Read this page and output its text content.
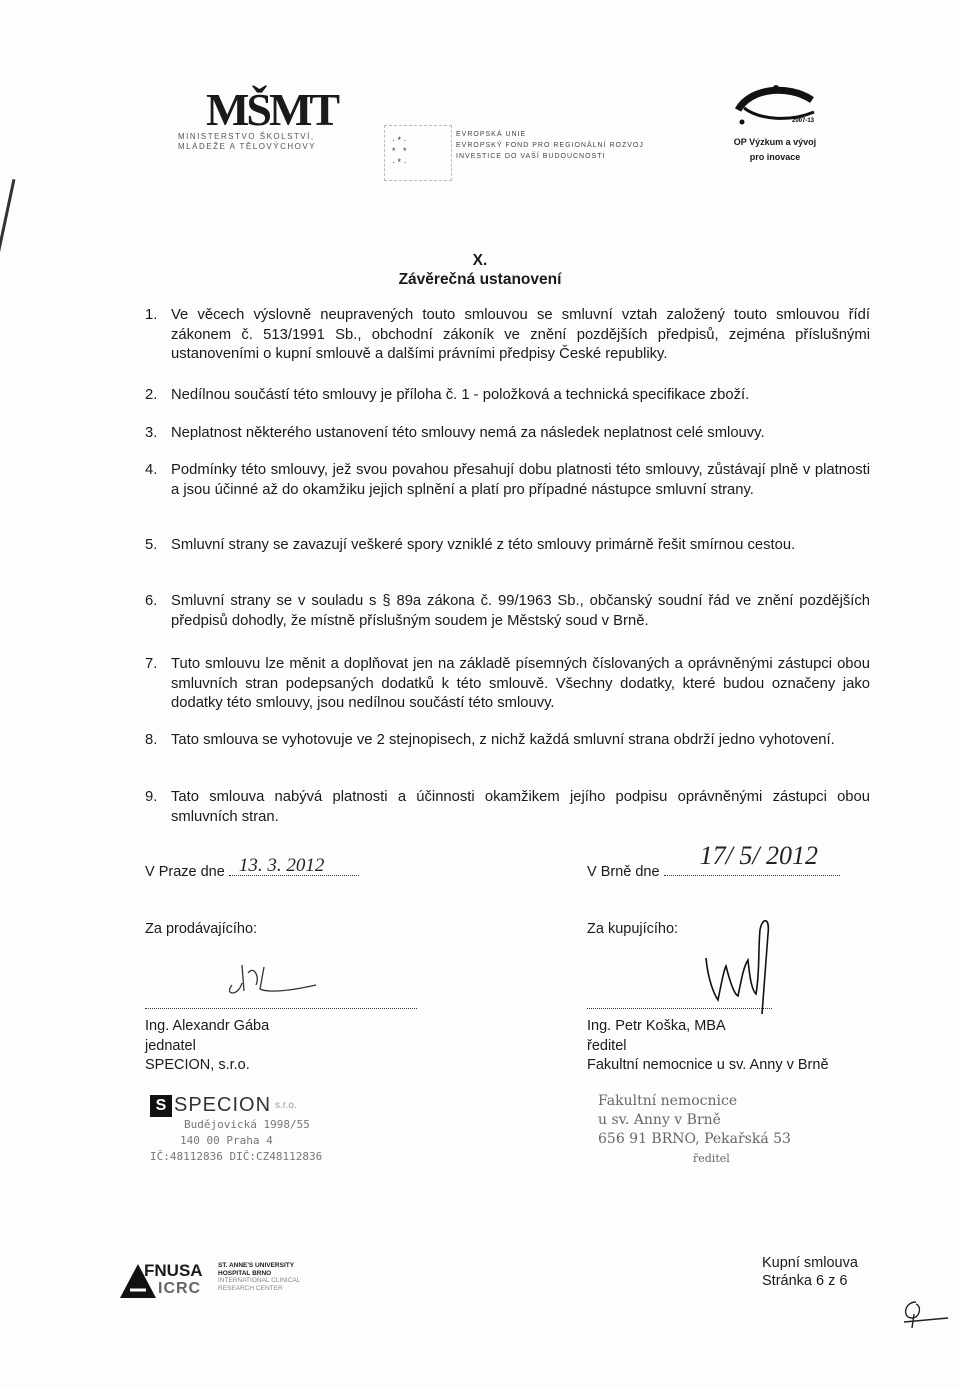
MŠMT
MINISTERSTVO ŠKOLSTVÍ,
MLÁDEŽE A TĚLOVÝCHOVY
· * ·
*   *
· * ·
EVROPSKÁ UNIE
EVROPSKÝ FOND PRO REGIONÁLNÍ ROZVOJ
INVESTICE DO VAŠÍ BUDOUCNOSTI
2007-13
OP Výzkum a vývoj
pro inovace
X.
Závěrečná ustanovení
1. Ve věcech výslovně neupravených touto smlouvou se smluvní vztah založený touto smlouvou řídí zákonem č. 513/1991 Sb., obchodní zákoník ve znění pozdějších předpisů, zejména příslušnými ustanoveními o kupní smlouvě a dalšími právními předpisy České republiky.
2. Nedílnou součástí této smlouvy je příloha č. 1 - položková a technická specifikace zboží.
3. Neplatnost některého ustanovení této smlouvy nemá za následek neplatnost celé smlouvy.
4. Podmínky této smlouvy, jež svou povahou přesahují dobu platnosti této smlouvy, zůstávají plně v platnosti a jsou účinné až do okamžiku jejich splnění a platí pro případné nástupce smluvní strany.
5. Smluvní strany se zavazují veškeré spory vzniklé z této smlouvy primárně řešit smírnou cestou.
6. Smluvní strany se v souladu s § 89a zákona č. 99/1963 Sb., občanský soudní řád ve znění pozdějších předpisů dohodly, že místně příslušným soudem je Městský soud v Brně.
7. Tuto smlouvu lze měnit a doplňovat jen na základě písemných číslovaných a oprávněnými zástupci obou smluvních stran podepsaných dodatků k této smlouvě. Všechny dodatky, které budou označeny jako dodatky této smlouvy, jsou nedílnou součástí této smlouvy.
8. Tato smlouva se vyhotovuje ve 2 stejnopisech, z nichž každá smluvní strana obdrží jedno vyhotovení.
9. Tato smlouva nabývá platnosti a účinnosti okamžikem jejího podpisu oprávněnými zástupci obou smluvních stran.
V Praze dne 13. 3. 2012	V Brně dne
17/ 5/ 2012
Za prodávajícího:	Za kupujícího:
Ing. Alexandr Gába
jednatel
SPECION, s.r.o.
Ing. Petr Koška, MBA
ředitel
Fakultní nemocnice u sv. Anny v Brně
S SPECION s.r.o.
Budějovická 1998/55
140 00 Praha 4
IČ:48112836 DIČ:CZ48112836
Fakultní nemocnice
u sv. Anny v Brně
656 91 BRNO, Pekařská 53
ředitel
FNUSA
ICRC
ST. ANNE'S UNIVERSITY
HOSPITAL BRNO
INTERNATIONAL CLINICAL
RESEARCH CENTER
Kupní smlouva
Stránka 6 z 6
